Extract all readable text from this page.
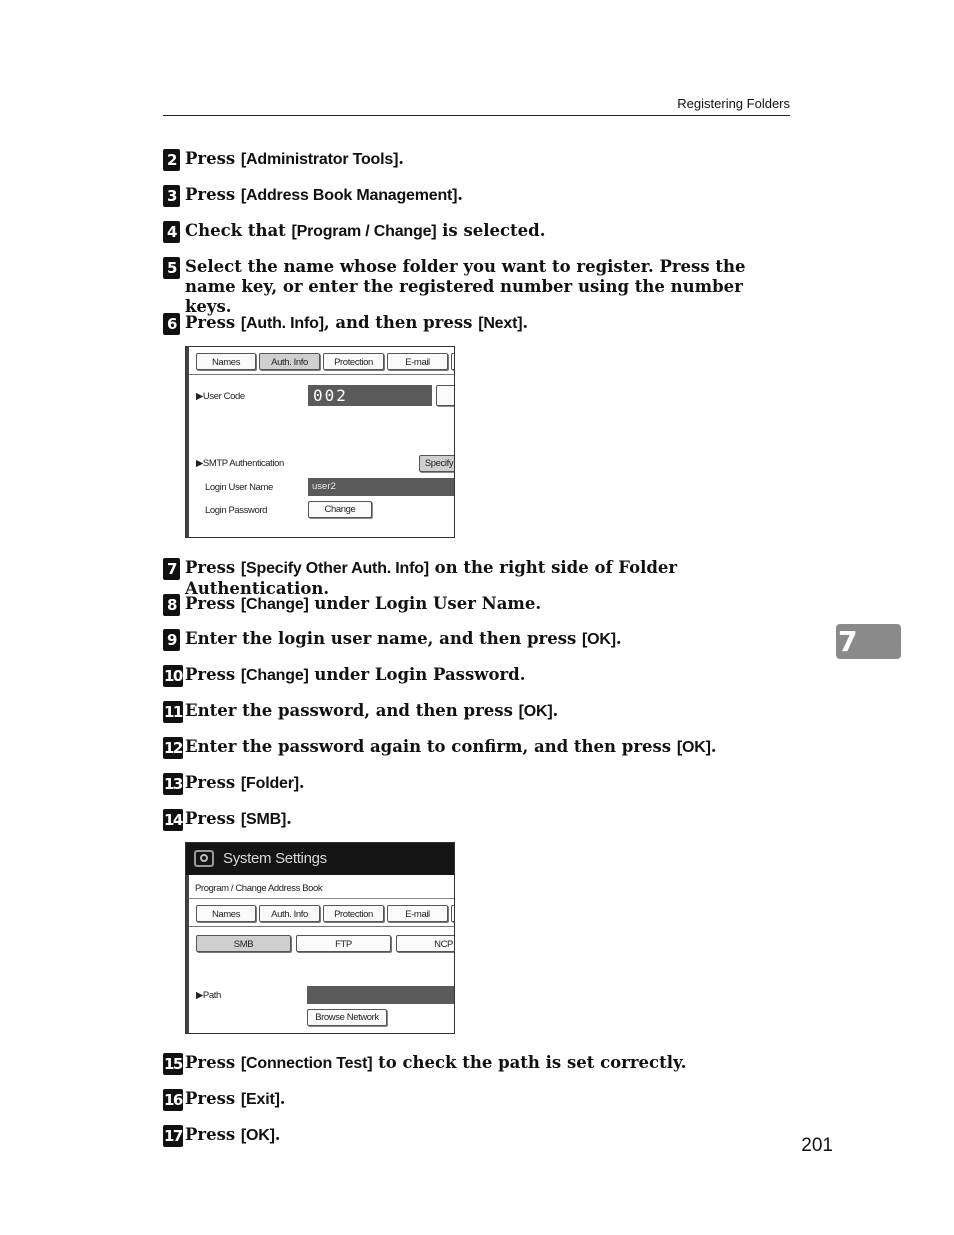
Registering Folders
2 Press [Administrator Tools].
3 Press [Address Book Management].
4 Check that [Program / Change] is selected.
5 Select the name whose folder you want to register. Press the name key, or enter the registered number using the number keys.
6 Press [Auth. Info], and then press [Next].
Names	Auth. Info	Protection	E-mail
▶User Code	002
▶SMTP Authentication	Specify
Login User Name	user2
Login Password	Change
7 Press [Specify Other Auth. Info] on the right side of Folder Authentication.
8 Press [Change] under Login User Name.
9 Enter the login user name, and then press [OK].
10 Press [Change] under Login Password.
11 Enter the password, and then press [OK].
12 Enter the password again to confirm, and then press [OK].
13 Press [Folder].
14 Press [SMB].
7
System Settings
Program / Change Address Book
Names	Auth. Info	Protection	E-mail
SMB	FTP	NCP
▶Path
Browse Network
15 Press [Connection Test] to check the path is set correctly.
16 Press [Exit].
17 Press [OK].
201
